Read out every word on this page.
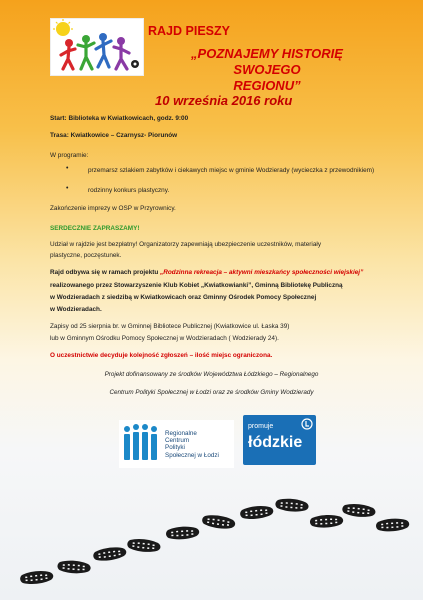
RAJD PIESZY
„POZNAJEMY HISTORIĘ SWOJEGO
REGIONU”
10 września 2016 roku
Start: Biblioteka w Kwiatkowicach, godz. 9:00
Trasa: Kwiatkowice – Czarnysz- Piorunów
W programie:
•	przemarsz szlakiem zabytków i ciekawych miejsc w gminie Wodzierady (wycieczka z przewodnikiem)
•	rodzinny konkurs plastyczny.
Zakończenie imprezy w OSP w Przyrownicy.
SERDECZNIE ZAPRASZAMY!
Udział w rajdzie jest bezpłatny! Organizatorzy zapewniają ubezpieczenie uczestników, materiały
plastyczne, poczęstunek.
Rajd odbywa się w ramach projektu „Rodzinna rekreacja – aktywni mieszkańcy społeczności wiejskiej”
realizowanego przez Stowarzyszenie Klub Kobiet „Kwiatkowianki”, Gminną Bibliotekę Publiczną
w Wodzieradach z siedzibą w Kwiatkowicach oraz Gminny Ośrodek Pomocy Społecznej
w Wodzieradach.
Zapisy od 25 sierpnia br. w Gminnej Bibliotece Publicznej (Kwiatkowice ul. Łaska 39)
lub w Gminnym Ośrodku Pomocy Społecznej w Wodzieradach ( Wodzierady 24).
O uczestnictwie decyduje kolejność zgłoszeń – ilość miejsc ograniczona.
Projekt dofinansowany ze środków Województwa Łódzkiego – Regionalnego
Centrum Polityki Społecznej w Łodzi oraz ze środków Gminy Wodzierady
Regionalne
Centrum
Polityki
Społecznej w Łodzi
promuje
łódzkie
